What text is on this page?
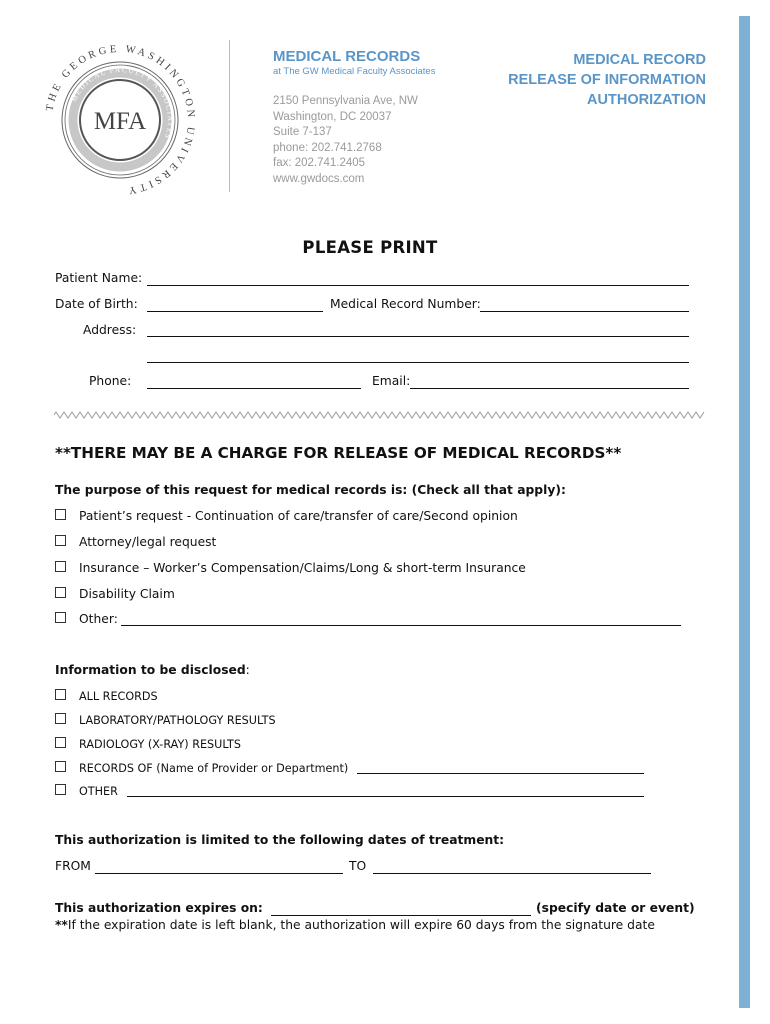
THE GEORGE WASHINGTON UNIVERSITY
MEDICAL FACULTY ASSOCIATES
MFA
MEDICAL RECORDS
at The GW Medical Faculty Associates
2150 Pennsylvania Ave, NW
Washington, DC 20037
Suite 7-137
phone: 202.741.2768
fax: 202.741.2405
www.gwdocs.com
MEDICAL RECORD
RELEASE OF INFORMATION
AUTHORIZATION
PLEASE PRINT
Patient Name:
Date of Birth:	Medical Record Number:
Address:
Phone:	Email:
**THERE MAY BE A CHARGE FOR RELEASE OF MEDICAL RECORDS**
The purpose of this request for medical records is: (Check all that apply):
Patient’s request - Continuation of care/transfer of care/Second opinion
Attorney/legal request
Insurance – Worker’s Compensation/Claims/Long & short-term Insurance
Disability Claim
Other:
Information to be disclosed:
ALL RECORDS
LABORATORY/PATHOLOGY RESULTS
RADIOLOGY (X-RAY) RESULTS
RECORDS OF (Name of Provider or Department)
OTHER
This authorization is limited to the following dates of treatment:
FROM	TO
This authorization expires on:	(specify date or event)
**If the expiration date is left blank, the authorization will expire 60 days from the signature date
